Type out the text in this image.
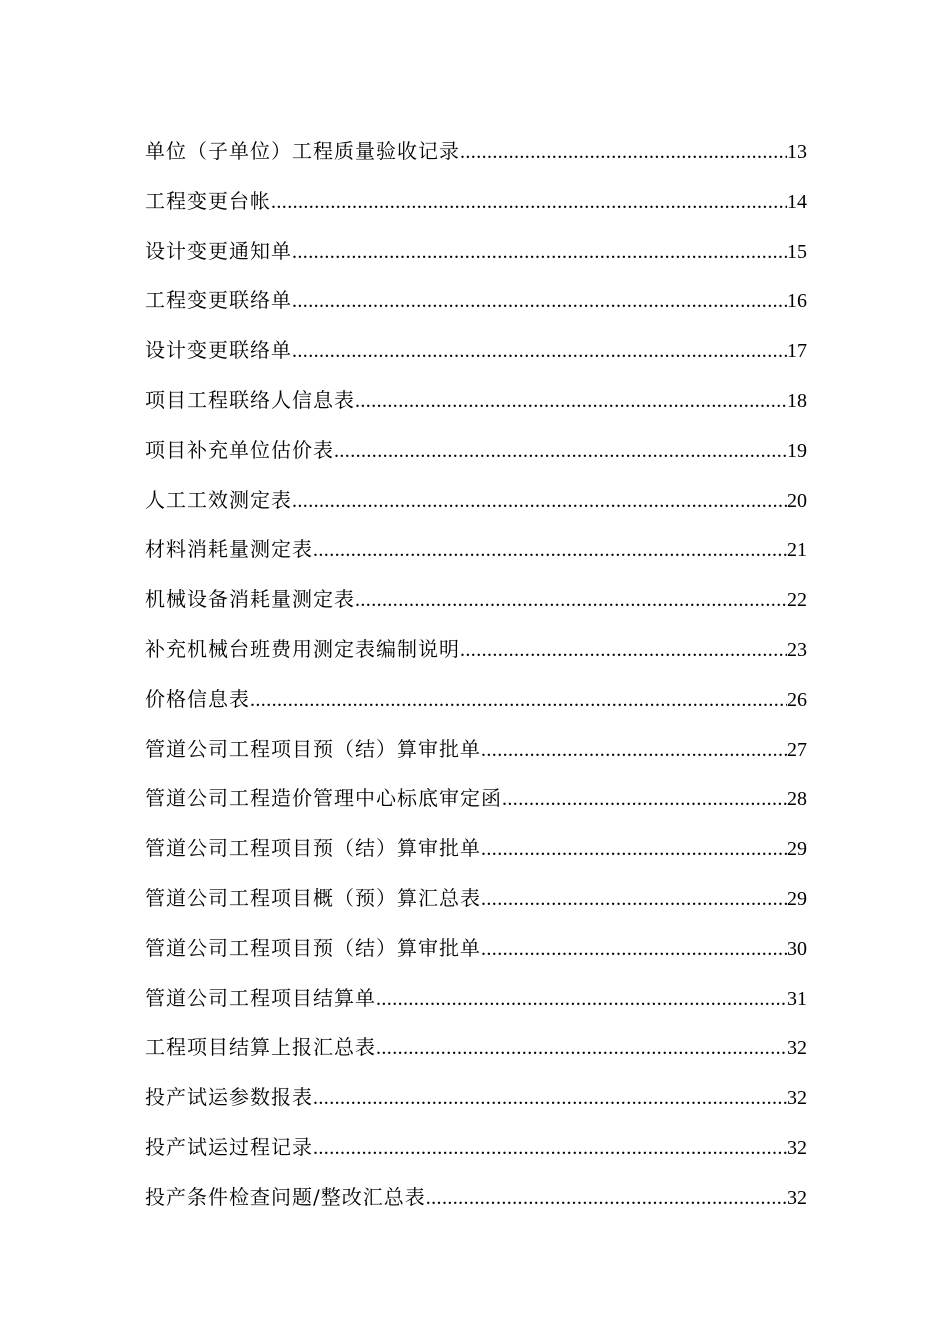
单位（子单位）工程质量验收记录 .....	13
工程变更台帐 .....	14
设计变更通知单 .....	15
工程变更联络单 .....	16
设计变更联络单 .....	17
项目工程联络人信息表 .....	18
项目补充单位估价表 .....	19
人工工效测定表 .....	20
材料消耗量测定表 .....	21
机械设备消耗量测定表 .....	22
补充机械台班费用测定表编制说明 .....	23
价格信息表 .....	26
管道公司工程项目预（结）算审批单 .....	27
管道公司工程造价管理中心标底审定函 .....	28
管道公司工程项目预（结）算审批单 .....	29
管道公司工程项目概（预）算汇总表 .....	29
管道公司工程项目预（结）算审批单 .....	30
管道公司工程项目结算单 .....	31
工程项目结算上报汇总表 .....	32
投产试运参数报表 .....	32
投产试运过程记录 .....	32
投产条件检查问题/整改汇总表 .....	32
